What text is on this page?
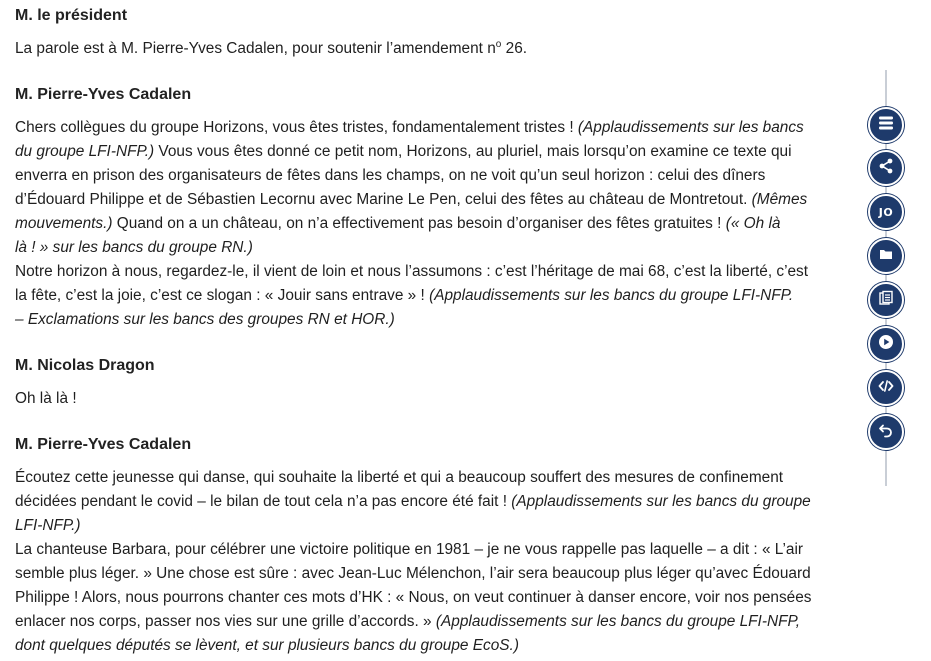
M. le président
La parole est à M. Pierre-Yves Cadalen, pour soutenir l’amendement $n^o$ 26.
M. Pierre-Yves Cadalen
Chers collègues du groupe Horizons, vous êtes tristes, fondamentalement tristes ! (Applaudissements sur les bancs
du groupe LFI-NFP.) Vous vous êtes donné ce petit nom, Horizons, au pluriel, mais lorsqu’on examine ce texte qui
enverra en prison des organisateurs de fêtes dans les champs, on ne voit qu’un seul horizon : celui des dîners
d’Édouard Philippe et de Sébastien Lecornu avec Marine Le Pen, celui des fêtes au château de Montretout. (Mêmes
mouvements.) Quand on a un château, on n’a effectivement pas besoin d’organiser des fêtes gratuites ! (« Oh là
là ! » sur les bancs du groupe RN.)
Notre horizon à nous, regardez-le, il vient de loin et nous l’assumons : c’est l’héritage de mai 68, c’est la liberté, c’est
la fête, c’est la joie, c’est ce slogan : « Jouir sans entrave » ! (Applaudissements sur les bancs du groupe LFI-NFP.
– Exclamations sur les bancs des groupes RN et HOR.)
M. Nicolas Dragon
Oh là là !
M. Pierre-Yves Cadalen
Écoutez cette jeunesse qui danse, qui souhaite la liberté et qui a beaucoup souffert des mesures de confinement
décidées pendant le covid – le bilan de tout cela n’a pas encore été fait ! (Applaudissements sur les bancs du groupe
LFI-NFP.)
La chanteuse Barbara, pour célébrer une victoire politique en 1981 – je ne vous rappelle pas laquelle – a dit : « L’air
semble plus léger. » Une chose est sûre : avec Jean-Luc Mélenchon, l’air sera beaucoup plus léger qu’avec Édouard
Philippe ! Alors, nous pourrons chanter ces mots d’HK : « Nous, on veut continuer à danser encore, voir nos pensées
enlacer nos corps, passer nos vies sur une grille d’accords. » (Applaudissements sur les bancs du groupe LFI-NFP,
dont quelques députés se lèvent, et sur plusieurs bancs du groupe EcoS.)
JO
